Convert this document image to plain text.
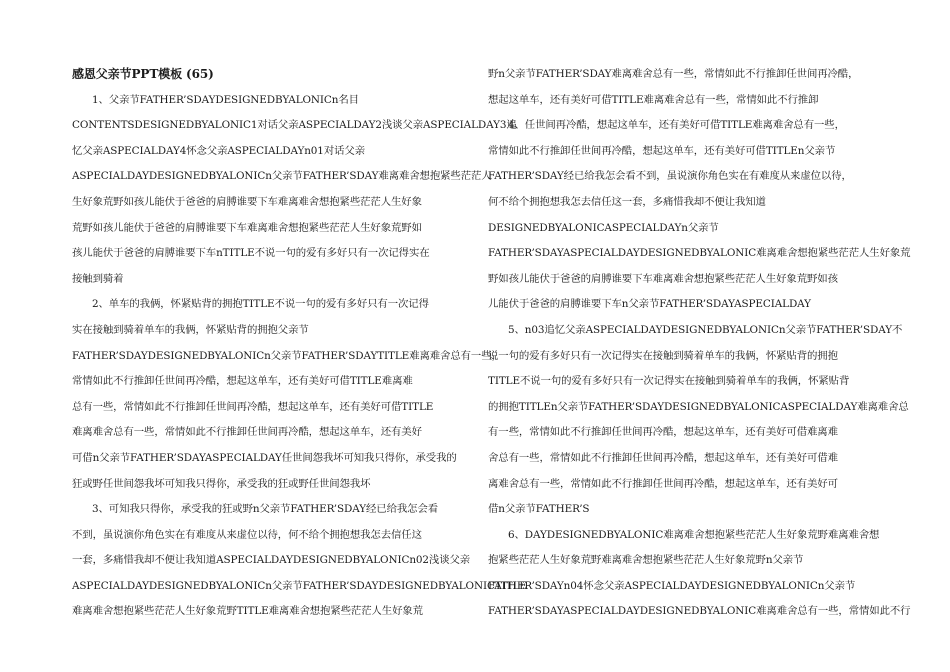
感恩父亲节PPT模板 (65)
1、父亲节FATHER’SDAYDESIGNEDBYALONICn名目
CONTENTSDESIGNEDBYALONIC1对话父亲ASPECIALDAY2浅谈父亲ASPECIALDAY3追
忆父亲ASPECIALDAY4怀念父亲ASPECIALDAYn01对话父亲
ASPECIALDAYDESIGNEDBYALONICn父亲节FATHER’SDAY难离难舍想抱紧些茫茫人
生好象荒野如孩儿能伏于爸爸的肩膊谁要下车难离难舍想抱紧些茫茫人生好象
荒野如孩儿能伏于爸爸的肩膊谁要下车难离难舍想抱紧些茫茫人生好象荒野如
孩儿能伏于爸爸的肩膊谁要下车nTITLE不说一句的爱有多好只有一次记得实在
接触到骑着
2、单车的我俩，怀紧贴背的拥抱TITLE不说一句的爱有多好只有一次记得
实在接触到骑着单车的我俩，怀紧贴背的拥抱父亲节
FATHER’SDAYDESIGNEDBYALONICn父亲节FATHER’SDAYTITLE难离难舍总有一些，
常情如此不行推卸任世间再冷酷，想起这单车，还有美好可借TITLE难离难
总有一些，常情如此不行推卸任世间再冷酷，想起这单车，还有美好可借TITLE
难离难舍总有一些，常情如此不行推卸任世间再冷酷，想起这单车，还有美好
可借n父亲节FATHER’SDAYASPECIALDAY任世间怨我坏可知我只得你，承受我的
狂或野任世间怨我坏可知我只得你，承受我的狂或野任世间怨我坏
3、可知我只得你，承受我的狂或野n父亲节FATHER’SDAY经已给我怎会看
不到，虽说演你角色实在有难度从来虚位以待，何不给个拥抱想我怎去信任这
一套，多痛惜我却不便让我知道ASPECIALDAYDESIGNEDBYALONICn02浅谈父亲
ASPECIALDAYDESIGNEDBYALONICn父亲节FATHER’SDAYDESIGNEDBYALONICTITLE
难离难舍想抱紧些茫茫人生好象荒野TITLE难离难舍想抱紧些茫茫人生好象荒
野n父亲节FATHER’SDAY难离难舍总有一些，常情如此不行推卸任世间再冷酷，
想起这单车，还有美好可借TITLE难离难舍总有一些，常情如此不行推卸
4、任世间再冷酷，想起这单车，还有美好可借TITLE难离难舍总有一些，
常情如此不行推卸任世间再冷酷，想起这单车，还有美好可借TITLEn父亲节
FATHER’SDAY经已给我怎会看不到，虽说演你角色实在有难度从来虚位以待，
何不给个拥抱想我怎去信任这一套，多痛惜我却不便让我知道
DESIGNEDBYALONICASPECIALDAYn父亲节
FATHER’SDAYASPECIALDAYDESIGNEDBYALONIC难离难舍想抱紧些茫茫人生好象荒
野如孩儿能伏于爸爸的肩膊谁要下车难离难舍想抱紧些茫茫人生好象荒野如孩
儿能伏于爸爸的肩膊谁要下车n父亲节FATHER’SDAYASPECIALDAY
5、n03追忆父亲ASPECIALDAYDESIGNEDBYALONICn父亲节FATHER’SDAY不
说一句的爱有多好只有一次记得实在接触到骑着单车的我俩，怀紧贴背的拥抱
TITLE不说一句的爱有多好只有一次记得实在接触到骑着单车的我俩，怀紧贴背
的拥抱TITLEn父亲节FATHER’SDAYDESIGNEDBYALONICASPECIALDAY难离难舍总
有一些，常情如此不行推卸任世间再冷酷，想起这单车，还有美好可借难离难
舍总有一些，常情如此不行推卸任世间再冷酷，想起这单车，还有美好可借难
离难舍总有一些，常情如此不行推卸任世间再冷酷，想起这单车，还有美好可
借n父亲节FATHER’S
6、DAYDESIGNEDBYALONIC难离难舍想抱紧些茫茫人生好象荒野难离难舍想
抱紧些茫茫人生好象荒野难离难舍想抱紧些茫茫人生好象荒野n父亲节
FATHER’SDAYn04怀念父亲ASPECIALDAYDESIGNEDBYALONICn父亲节
FATHER’SDAYASPECIALDAYDESIGNEDBYALONIC难离难舍总有一些，常情如此不行
